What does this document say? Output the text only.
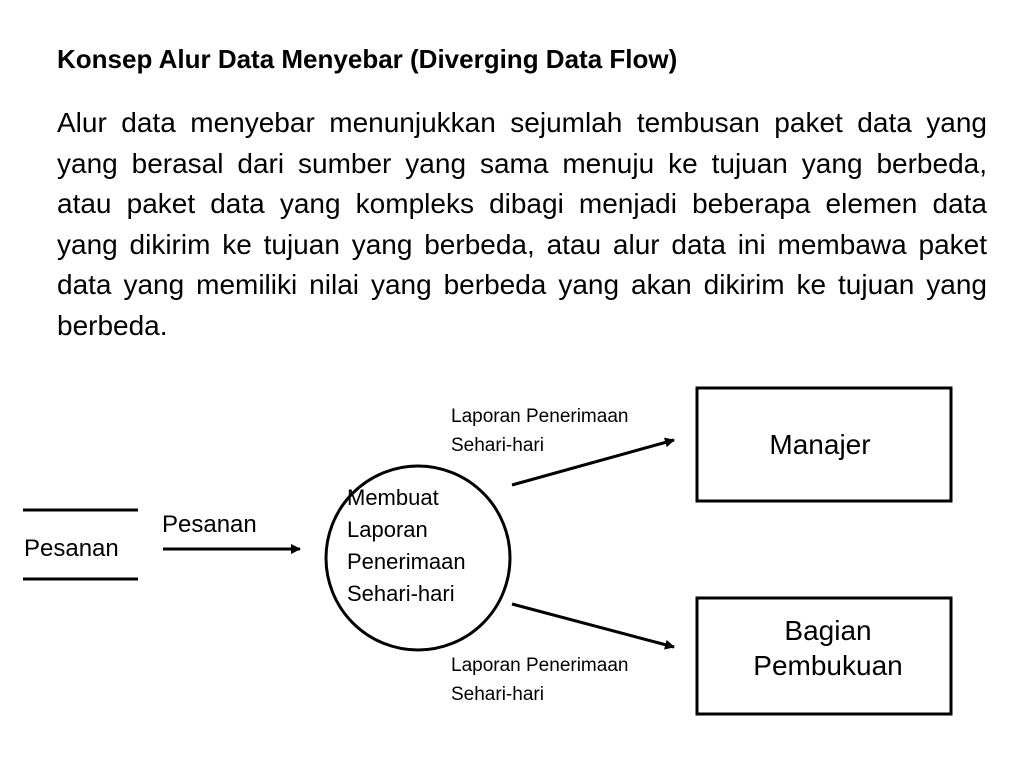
Konsep Alur Data Menyebar (Diverging Data Flow)
Alur data menyebar menunjukkan sejumlah tembusan paket data yang yang berasal dari sumber yang sama menuju ke tujuan yang berbeda, atau paket data yang kompleks dibagi menjadi beberapa elemen data yang dikirim ke tujuan yang berbeda, atau alur data ini membawa paket data yang memiliki nilai yang berbeda yang akan dikirim ke tujuan yang berbeda.
Pesanan
Pesanan
Membuat
Laporan
Penerimaan
Sehari-hari
Laporan Penerimaan
Sehari-hari
Laporan Penerimaan
Sehari-hari
Manajer
Bagian
Pembukuan
